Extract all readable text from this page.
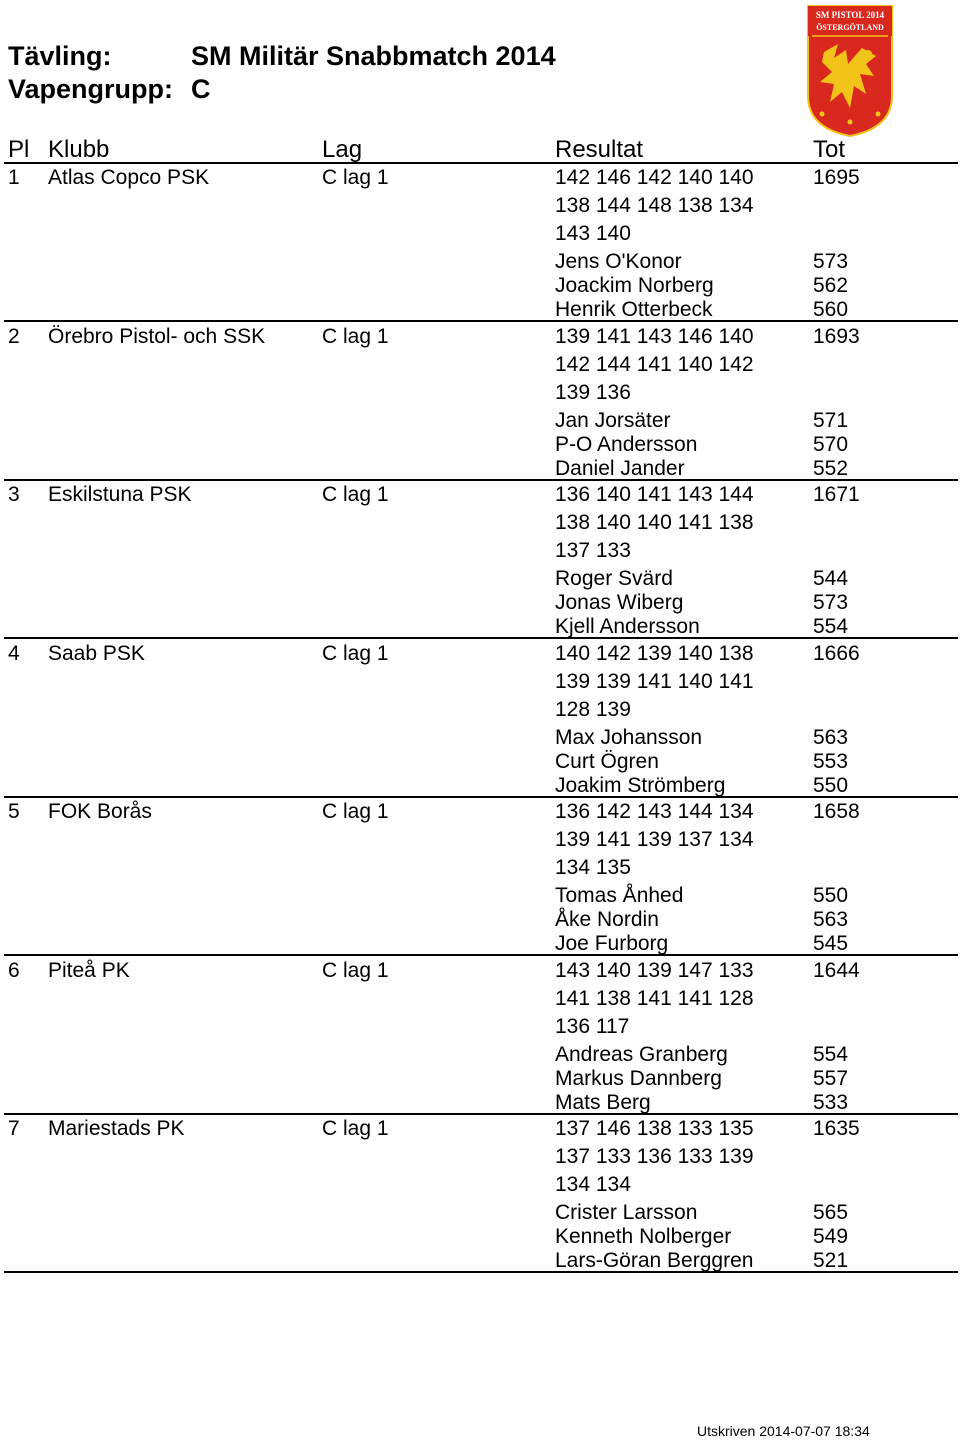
Tävling:	SM Militär Snabbmatch 2014
Vapengrupp: C
SM PISTOL 2014
ÖSTERGÖTLAND
Pl Klubb	Lag	Resultat	Tot
1 Atlas Copco PSK	C lag 1	142 146 142 140 140	1695
138 144 148 138 134
143 140
Jens O'Konor	573
Joackim Norberg	562
Henrik Otterbeck	560
2 Örebro Pistol- och SSK	C lag 1	139 141 143 146 140	1693
142 144 141 140 142
139 136
Jan Jorsäter	571
P-O Andersson	570
Daniel Jander	552
3 Eskilstuna PSK	C lag 1	136 140 141 143 144	1671
138 140 140 141 138
137 133
Roger Svärd	544
Jonas Wiberg	573
Kjell Andersson	554
4 Saab PSK	C lag 1	140 142 139 140 138	1666
139 139 141 140 141
128 139
Max Johansson	563
Curt Ögren	553
Joakim Strömberg	550
5 FOK Borås	C lag 1	136 142 143 144 134	1658
139 141 139 137 134
134 135
Tomas Ånhed	550
Åke Nordin	563
Joe Furborg	545
6 Piteå PK	C lag 1	143 140 139 147 133	1644
141 138 141 141 128
136 117
Andreas Granberg	554
Markus Dannberg	557
Mats Berg	533
7 Mariestads PK	C lag 1	137 146 138 133 135	1635
137 133 136 133 139
134 134
Crister Larsson	565
Kenneth Nolberger	549
Lars-Göran Berggren	521
Utskriven 2014-07-07 18:34
